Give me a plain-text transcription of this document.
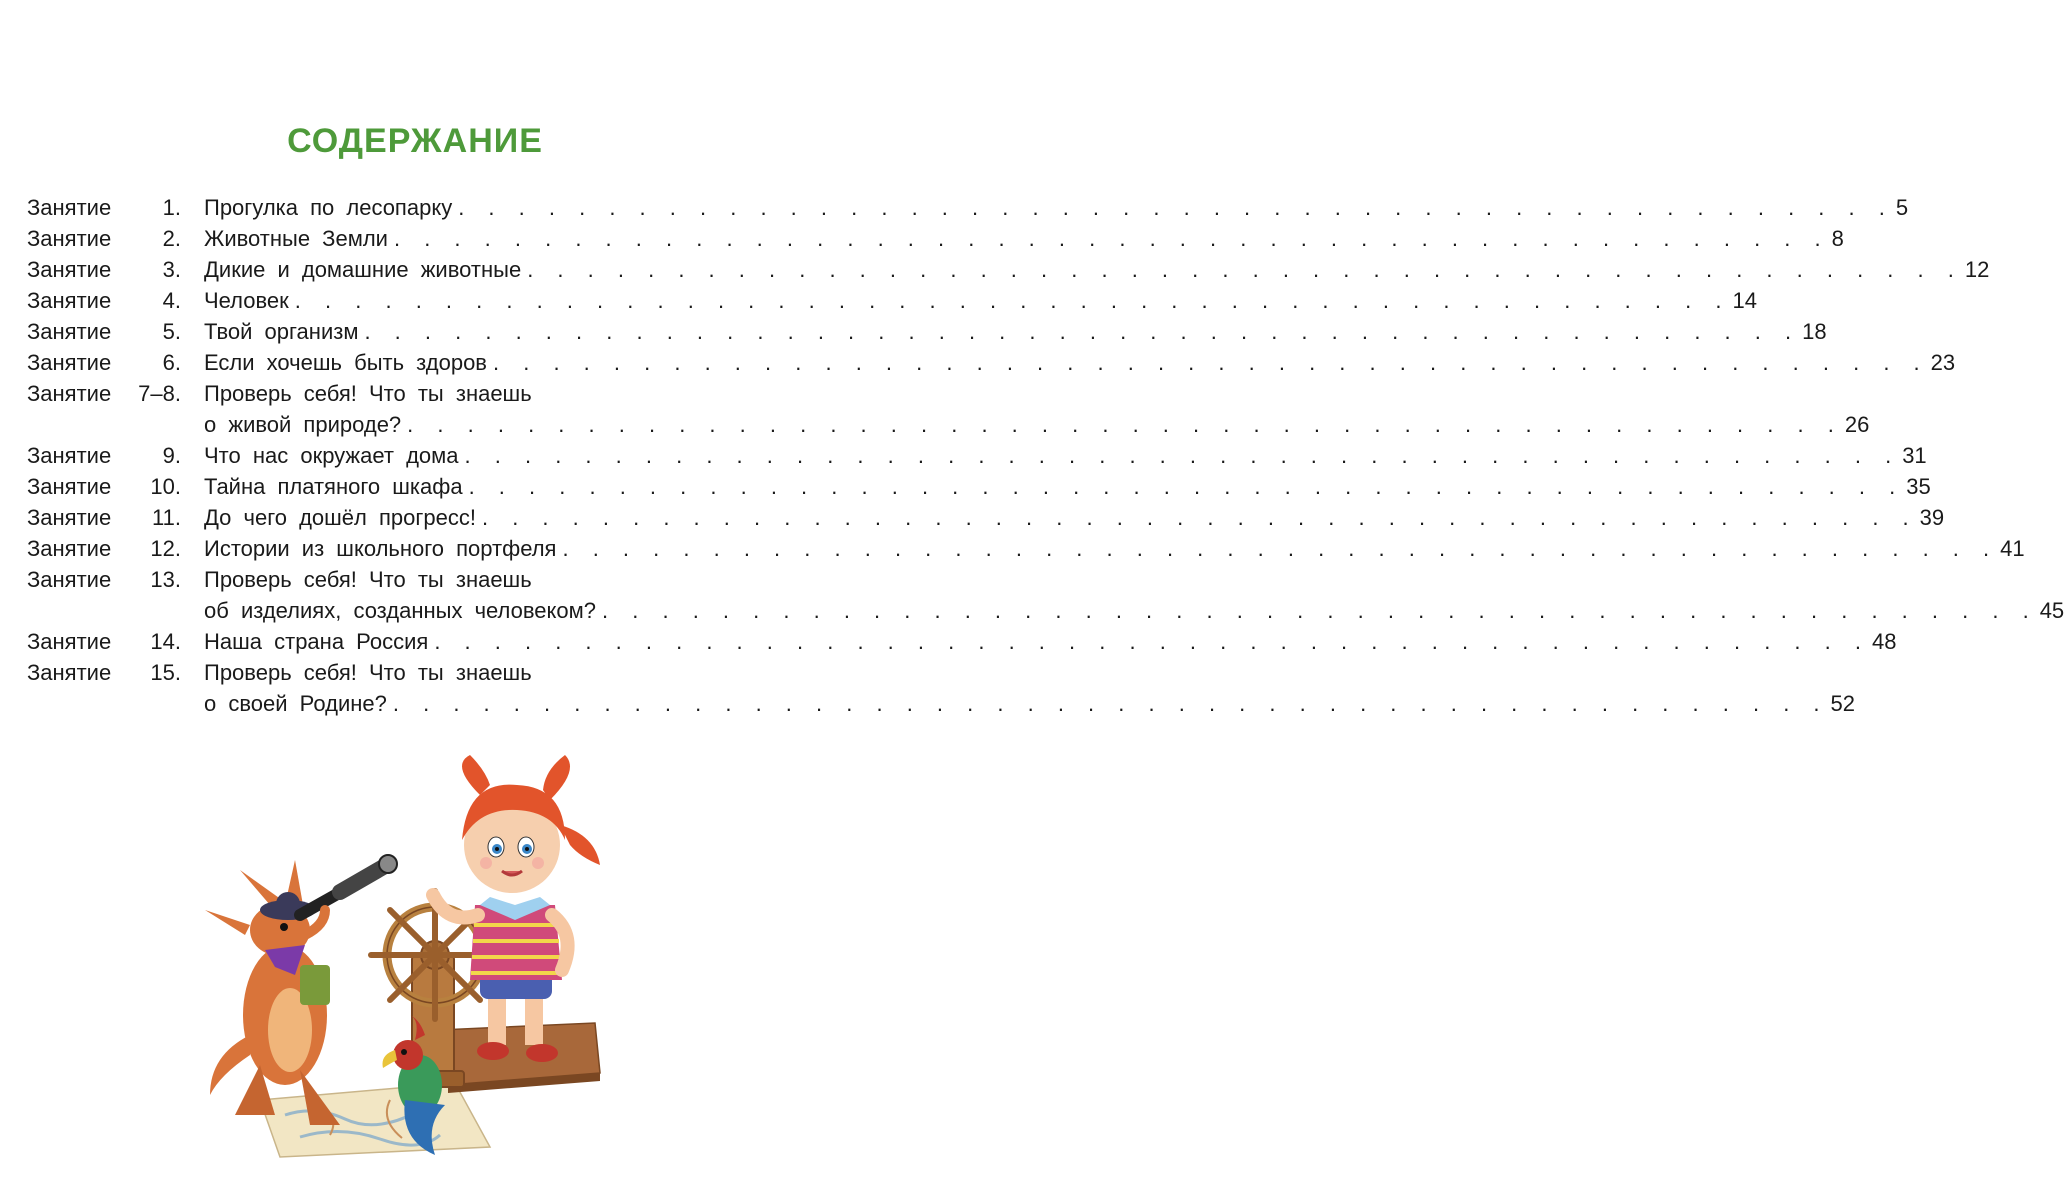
СОДЕРЖАНИЕ
Занятие	1. Прогулка по лесопарку . . . . . . . . . . . . . . . . . . . . . . . . . . . . . . . . . . . . . . . . . . . . . . . . 5
Занятие	2. Животные Земли . . . . . . . . . . . . . . . . . . . . . . . . . . . . . . . . . . . . . . . . . . . . . . . . 8
Занятие	3. Дикие и домашние животные . . . . . . . . . . . . . . . . . . . . . . . . . . . . . . . . . . . . . . . . . . . . . . . . 12
Занятие	4. Человек . . . . . . . . . . . . . . . . . . . . . . . . . . . . . . . . . . . . . . . . . . . . . . . . 14
Занятие	5. Твой организм . . . . . . . . . . . . . . . . . . . . . . . . . . . . . . . . . . . . . . . . . . . . . . . . 18
Занятие	6. Если хочешь быть здоров . . . . . . . . . . . . . . . . . . . . . . . . . . . . . . . . . . . . . . . . . . . . . . . . 23
Занятие	7–8. Проверь себя! Что ты знаешь
о живой природе? . . . . . . . . . . . . . . . . . . . . . . . . . . . . . . . . . . . . . . . . . . . . . . . . 26
Занятие	9. Что нас окружает дома . . . . . . . . . . . . . . . . . . . . . . . . . . . . . . . . . . . . . . . . . . . . . . . . 31
Занятие	10. Тайна платяного шкафа . . . . . . . . . . . . . . . . . . . . . . . . . . . . . . . . . . . . . . . . . . . . . . . . 35
Занятие	11. До чего дошёл прогресс! . . . . . . . . . . . . . . . . . . . . . . . . . . . . . . . . . . . . . . . . . . . . . . . . 39
Занятие	12. Истории из школьного портфеля . . . . . . . . . . . . . . . . . . . . . . . . . . . . . . . . . . . . . . . . . . . . . . . . 41
Занятие	13. Проверь себя! Что ты знаешь
об изделиях, созданных человеком? . . . . . . . . . . . . . . . . . . . . . . . . . . . . . . . . . . . . . . . . . . . . . . . . 45
Занятие	14. Наша страна Россия . . . . . . . . . . . . . . . . . . . . . . . . . . . . . . . . . . . . . . . . . . . . . . . . 48
Занятие	15. Проверь себя! Что ты знаешь
о своей Родине? . . . . . . . . . . . . . . . . . . . . . . . . . . . . . . . . . . . . . . . . . . . . . . . . 52
